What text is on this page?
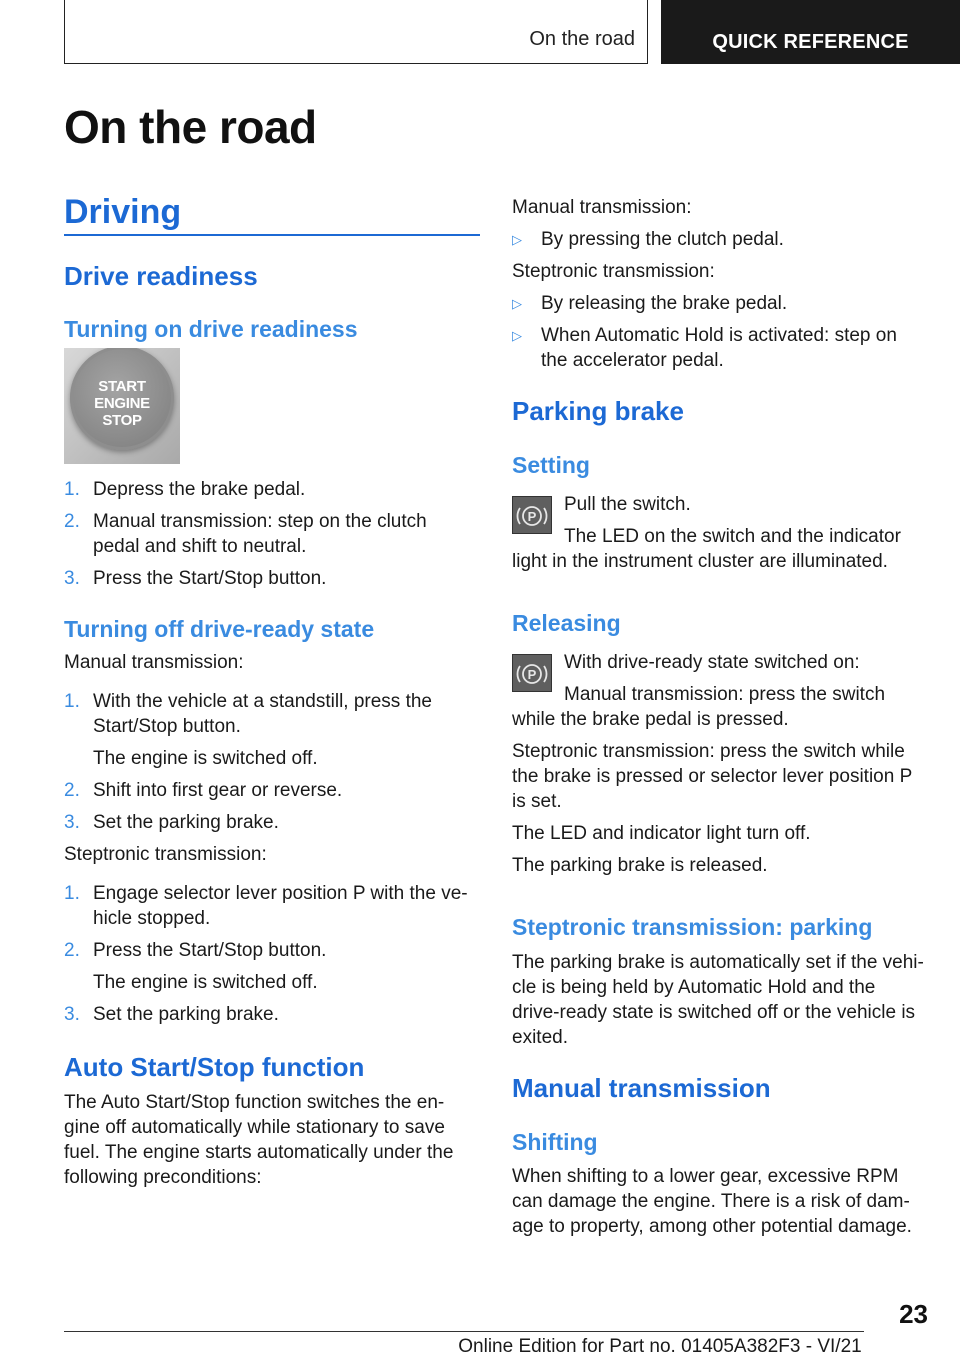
On the road	QUICK REFERENCE
On the road
Driving
Drive readiness
Turning on drive readiness
START
ENGINE
STOP
1. Depress the brake pedal.
2. Manual transmission: step on the clutch
pedal and shift to neutral.
3. Press the Start/Stop button.
Turning off drive-ready state

Manual transmission:

1. With the vehicle at a standstill, press the
Start/Stop button.
The engine is switched off.
2. Shift into first gear or reverse.
3. Set the parking brake.

Steptronic transmission:

1. Engage selector lever position P with the ve-
hicle stopped.
2. Press the Start/Stop button.
The engine is switched off.
3. Set the parking brake.
Auto Start/Stop function

The Auto Start/Stop function switches the en-

gine off automatically while stationary to save

fuel. The engine starts automatically under the

following preconditions:

Manual transmission:

▷ By pressing the clutch pedal.

Steptronic transmission:

▷ By releasing the brake pedal.
▷ When Automatic Hold is activated: step on
the accelerator pedal.
Parking brake
Setting
P

Pull the switch.

The LED on the switch and the indicator

light in the instrument cluster are illuminated.

Releasing
P

With drive-ready state switched on:

Manual transmission: press the switch

while the brake pedal is pressed.

Steptronic transmission: press the switch while

the brake is pressed or selector lever position P

is set.

The LED and indicator light turn off.

The parking brake is released.

Steptronic transmission: parking

The parking brake is automatically set if the vehi-

cle is being held by Automatic Hold and the

drive-ready state is switched off or the vehicle is

exited.

Manual transmission
Shifting

When shifting to a lower gear, excessive RPM

can damage the engine. There is a risk of dam-

age to property, among other potential damage.

23
Online Edition for Part no. 01405A382F3 - VI/21
